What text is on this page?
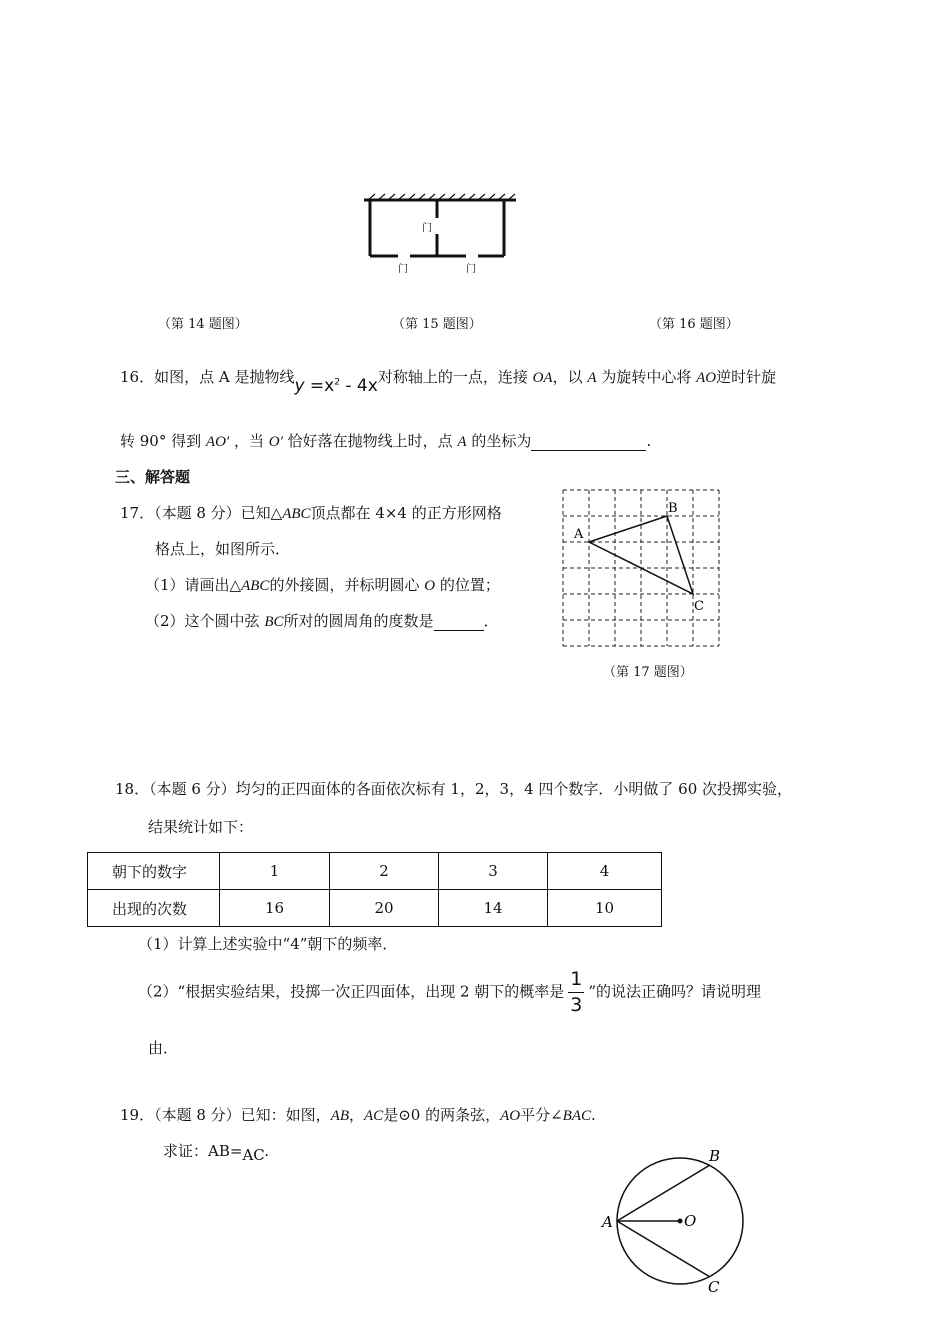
门
门	门
（第 14 题图）	（第 15 题图）	（第 16 题图）
16．如图，点 A 是抛物线$y =x^2 - 4x$对称轴上的一点，连接 OA，以 A 为旋转中心将 AO逆时针旋
转 90° 得到 AO′ ，当 O′ 恰好落在抛物线上时，点 A 的坐标为	.
三、解答题
17．（本题 8 分）已知△ABC顶点都在 4×4 的正方形网格
格点上，如图所示．
（1）请画出△ABC的外接圆，并标明圆心 O 的位置；
（2）这个圆中弦 BC所对的圆周角的度数是	．
A
B
C
（第 17 题图）
18．（本题 6 分）均匀的正四面体的各面依次标有 1，2，3，4 四个数字．小明做了 60 次投掷实验，
结果统计如下：
朝下的数字	1	2	3	4
出现的次数	16	20	14	10
（1）计算上述实验中“4”朝下的频率．
（2）“根据实验结果，投掷一次正四面体，出现 2 朝下的概率是 $\frac{1}{3}$ ”的说法正确吗？请说明理
由．
19．（本题 8 分）已知：如图，AB，AC是⊙0 的两条弦，AO平分∠BAC.
求证：AB=AC.
A
B
C
O
